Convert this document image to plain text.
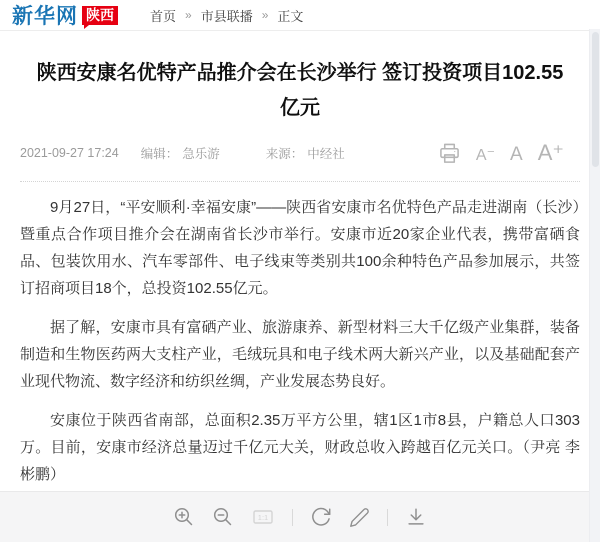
新华网 陕西	首页 » 市县联播 » 正文
陕西安康名优特产品推介会在长沙举行 签订投资项目102.55亿元
2021-09-27 17:24 编辑： 急乐游	来源： 中经社	A⁻ A A⁺

9月27日，“平安顺利·幸福安康”——陕西省安康市名优特色产品走进湖南（长沙）暨重点合作项目推介会在湖南省长沙市举行。安康市近20家企业代表，携带富硒食品、包装饮用水、汽车零部件、电子线束等类别共100余种特色产品参加展示，共签订招商项目18个，总投资102.55亿元。

据了解，安康市具有富硒产业、旅游康养、新型材料三大千亿级产业集群，装备制造和生物医药两大支柱产业，毛绒玩具和电子线术两大新兴产业，以及基础配套产业现代物流、数字经济和纺织丝绸，产业发展态势良好。

安康位于陕西省南部，总面积2.35万平方公里，辖1区1市8县，户籍总人口303万。目前，安康市经济总量迈过千亿元大关，财政总收入跨越百亿元关口。（尹亮 李彬鹏）

1:1
